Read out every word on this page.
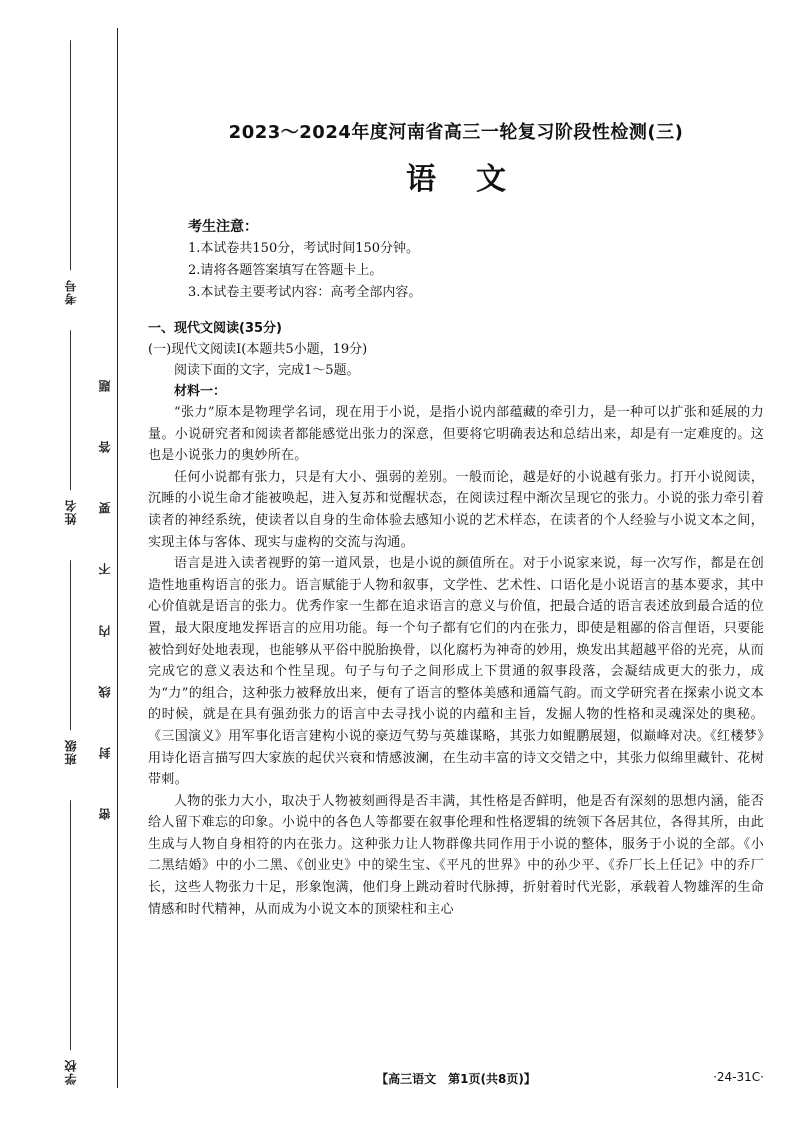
考号
姓名
班级
学校
密
封
线
内
不
要
答
题
2023～2024年度河南省高三一轮复习阶段性检测(三)
语文
考生注意：
1.本试卷共150分，考试时间150分钟。
2.请将各题答案填写在答题卡上。
3.本试卷主要考试内容：高考全部内容。
一、现代文阅读(35分)
(一)现代文阅读Ⅰ(本题共5小题，19分)
阅读下面的文字，完成1～5题。
材料一：

“张力”原本是物理学名词，现在用于小说，是指小说内部蕴藏的牵引力，是一种可以扩张和延展的力量。小说研究者和阅读者都能感觉出张力的深意，但要将它明确表达和总结出来，却是有一定难度的。这也是小说张力的奥妙所在。

任何小说都有张力，只是有大小、强弱的差别。一般而论，越是好的小说越有张力。打开小说阅读，沉睡的小说生命才能被唤起，进入复苏和觉醒状态，在阅读过程中渐次呈现它的张力。小说的张力牵引着读者的神经系统，使读者以自身的生命体验去感知小说的艺术样态，在读者的个人经验与小说文本之间，实现主体与客体、现实与虚构的交流与沟通。

语言是进入读者视野的第一道风景，也是小说的颜值所在。对于小说家来说，每一次写作，都是在创造性地重构语言的张力。语言赋能于人物和叙事，文学性、艺术性、口语化是小说语言的基本要求，其中心价值就是语言的张力。优秀作家一生都在追求语言的意义与价值，把最合适的语言表述放到最合适的位置，最大限度地发挥语言的应用功能。每一个句子都有它们的内在张力，即使是粗鄙的俗言俚语，只要能被恰到好处地表现，也能够从平俗中脱胎换骨，以化腐朽为神奇的妙用，焕发出其超越平俗的光亮，从而完成它的意义表达和个性呈现。句子与句子之间形成上下贯通的叙事段落，会凝结成更大的张力，成为“力”的组合，这种张力被释放出来，便有了语言的整体美感和通篇气韵。而文学研究者在探索小说文本的时候，就是在具有强劲张力的语言中去寻找小说的内蕴和主旨，发掘人物的性格和灵魂深处的奥秘。《三国演义》用军事化语言建构小说的豪迈气势与英雄谋略，其张力如鲲鹏展翅，似巅峰对决。《红楼梦》用诗化语言描写四大家族的起伏兴衰和情感波澜，在生动丰富的诗文交错之中，其张力似绵里藏针、花树带刺。

人物的张力大小，取决于人物被刻画得是否丰满，其性格是否鲜明，他是否有深刻的思想内涵，能否给人留下难忘的印象。小说中的各色人等都要在叙事伦理和性格逻辑的统领下各居其位，各得其所，由此生成与人物自身相符的内在张力。这种张力让人物群像共同作用于小说的整体，服务于小说的全部。《小二黑结婚》中的小二黑、《创业史》中的梁生宝、《平凡的世界》中的孙少平、《乔厂长上任记》中的乔厂长，这些人物张力十足，形象饱满，他们身上跳动着时代脉搏，折射着时代光影，承载着人物雄浑的生命情感和时代精神，从而成为小说文本的顶梁柱和主心

【高三语文　第1页(共8页)】	·24-31C·
